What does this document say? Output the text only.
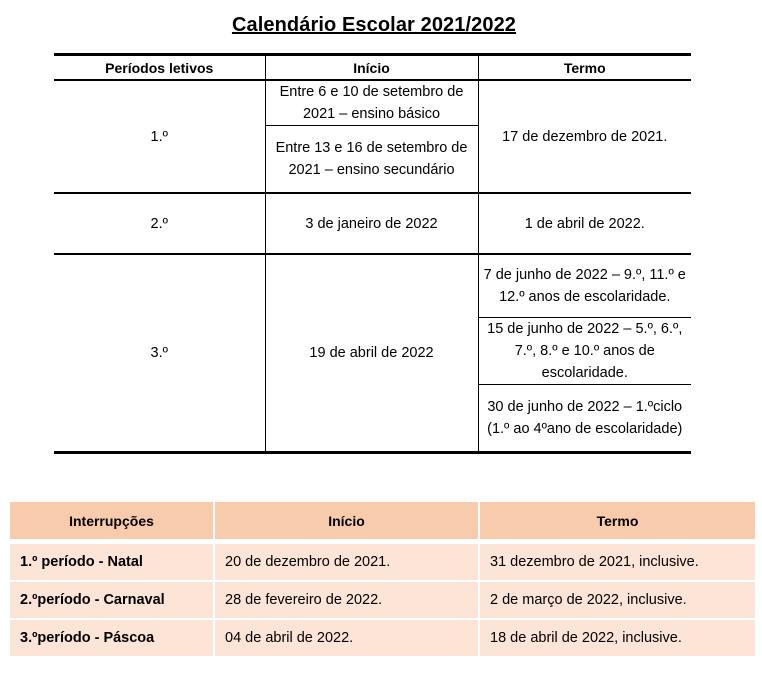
Calendário Escolar 2021/2022
Períodos letivos	Início	Termo
1.º	Entre 6 e 10 de setembro de 2021 – ensino básico	17 de dezembro de 2021.
	Entre 13 e 16 de setembro de 2021 – ensino secundário	
2.º	3 de janeiro de 2022	1 de abril de 2022.
3.º	19 de abril de 2022	7 de junho de 2022 – 9.º, 11.º e 12.º anos de escolaridade.
		15 de junho de 2022 – 5.º, 6.º, 7.º, 8.º e 10.º anos de escolaridade.
		30 de junho de 2022 – 1.ºciclo (1.º ao 4ºano de escolaridade)
Interrupções	Início	Termo
1.º período - Natal	20 de dezembro de 2021.	31 dezembro de 2021, inclusive.
2.ºperíodo - Carnaval	28 de fevereiro de 2022.	2 de março de 2022, inclusive.
3.ºperíodo - Páscoa	04 de abril de 2022.	18 de abril de 2022, inclusive.
